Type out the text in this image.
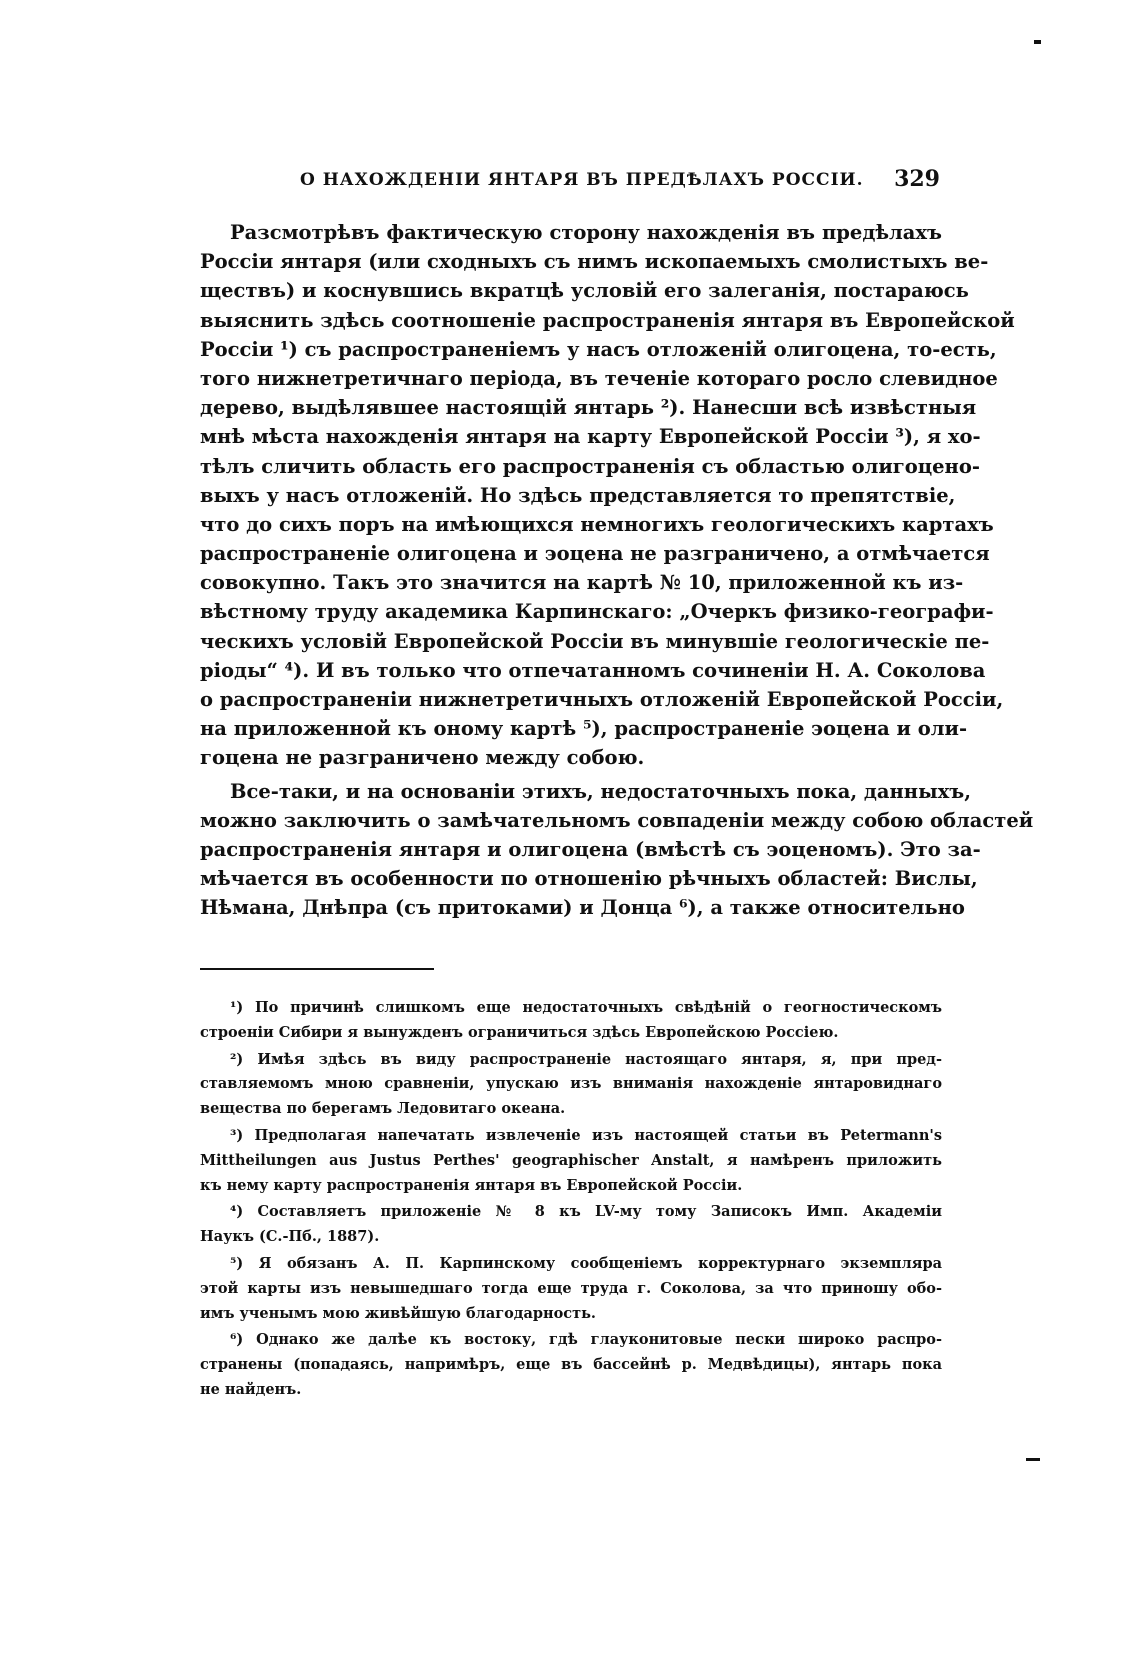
О НАХОЖДЕНІИ ЯНТАРЯ ВЪ ПРЕДѢЛАХЪ РОССІИ. 329
Разсмотрѣвъ фактическую сторону нахожденія въ предѣлахъ
Россіи янтаря (или сходныхъ съ нимъ ископаемыхъ смолистыхъ ве-
ществъ) и коснувшись вкратцѣ условій его залеганія, постараюсь
выяснить здѣсь соотношеніе распространенія янтаря въ Европейской
Россіи ¹) съ распространеніемъ у насъ отложеній олигоцена, то-есть,
того нижнетретичнаго періода, въ теченіе котораго росло слевидное
дерево, выдѣлявшее настоящій янтарь ²). Нанесши всѣ извѣстныя
мнѣ мѣста нахожденія янтаря на карту Европейской Россіи ³), я хо-
тѣлъ сличить область его распространенія съ областью олигоцено-
выхъ у насъ отложеній. Но здѣсь представляется то препятствіе,
что до сихъ поръ на имѣющихся немногихъ геологическихъ картахъ
распространеніе олигоцена и эоцена не разграничено, а отмѣчается
совокупно. Такъ это значится на картѣ № 10, приложенной къ из-
вѣстному труду академика Карпинскаго: „Очеркъ физико-географи-
ческихъ условій Европейской Россіи въ минувшіе геологическіе пе-
ріоды“ ⁴). И въ только что отпечатанномъ сочиненіи Н. А. Соколова
о распространеніи нижнетретичныхъ отложеній Европейской Россіи,
на приложенной къ оному картѣ ⁵), распространеніе эоцена и оли-
гоцена не разграничено между собою.
Все-таки, и на основаніи этихъ, недостаточныхъ пока, данныхъ,
можно заключить о замѣчательномъ совпаденіи между собою областей
распространенія янтаря и олигоцена (вмѣстѣ съ эоценомъ). Это за-
мѣчается въ особенности по отношенію рѣчныхъ областей: Вислы,
Нѣмана, Днѣпра (съ притоками) и Донца ⁶), а также относительно
¹) По причинѣ слишкомъ еще недостаточныхъ свѣдѣній о геогностическомъ
строеніи Сибири я вынужденъ ограничиться здѣсь Европейскою Россіею.
²) Имѣя здѣсь въ виду распространеніе настоящаго янтаря, я, при пред-
ставляемомъ мною сравненіи, упускаю изъ вниманія нахожденіе янтаровиднаго
вещества по берегамъ Ледовитаго океана.
³) Предполагая напечатать извлеченіе изъ настоящей статьи въ Petermann's
Mittheilungen aus Justus Perthes' geographischer Anstalt, я намѣренъ приложить
къ нему карту распространенія янтаря въ Европейской Россіи.
⁴) Составляетъ приложеніе № 8 къ LV-му тому Записокъ Имп. Академіи
Наукъ (С.-Пб., 1887).
⁵) Я обязанъ А. П. Карпинскому сообщеніемъ корректурнаго экземпляра
этой карты изъ невышедшаго тогда еще труда г. Соколова, за что приношу обо-
имъ ученымъ мою живѣйшую благодарность.
⁶) Однако же далѣе къ востоку, гдѣ глауконитовые пески широко распро-
странены (попадаясь, напримѣръ, еще въ бассейнѣ р. Медвѣдицы), янтарь пока
не найденъ.
